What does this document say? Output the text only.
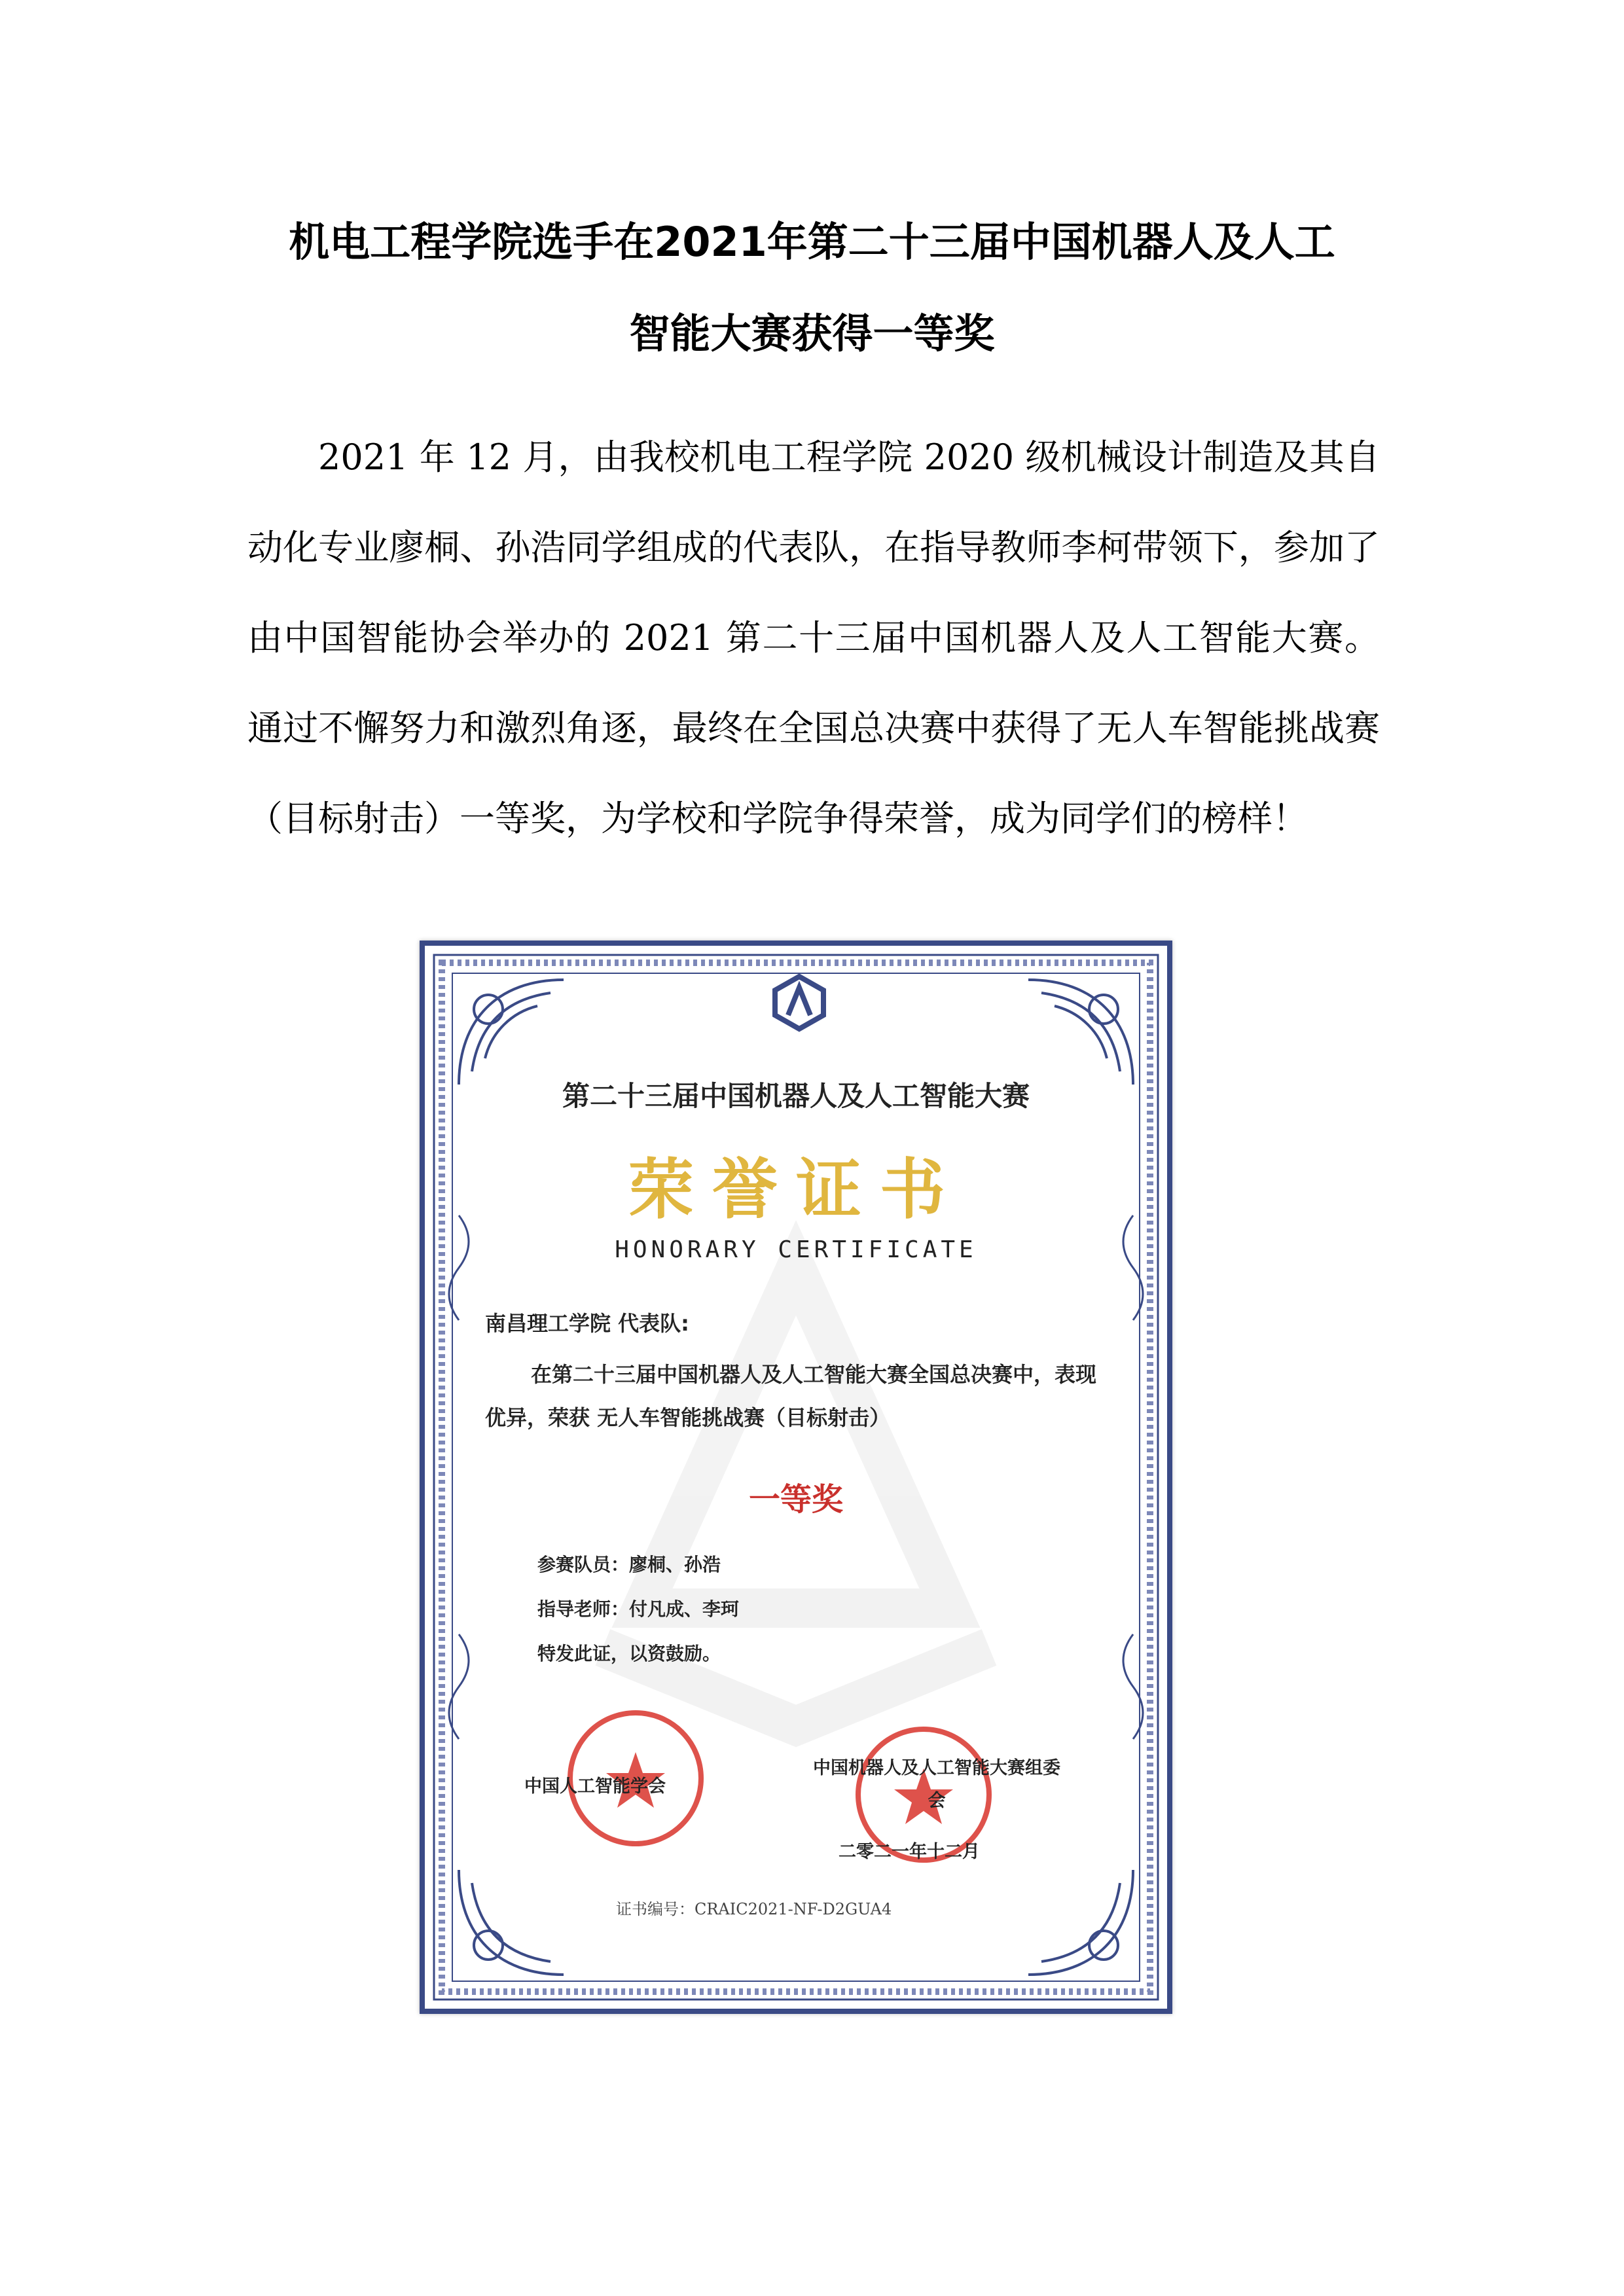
机电工程学院选手在2021年第二十三届中国机器人及人工
智能大赛获得一等奖

2021 年 12 月，由我校机电工程学院 2020 级机械设计制造及其自动化专业廖桐、孙浩同学组成的代表队，在指导教师李柯带领下，参加了由中国智能协会举办的 2021 第二十三届中国机器人及人工智能大赛。通过不懈努力和激烈角逐，最终在全国总决赛中获得了无人车智能挑战赛（目标射击）一等奖，为学校和学院争得荣誉，成为同学们的榜样！

第二十三届中国机器人及人工智能大赛
荣誉证书
HONORARY CERTIFICATE
南昌理工学院 代表队:
在第二十三届中国机器人及人工智能大赛全国总决赛中，表现优异，荣获 无人车智能挑战赛（目标射击）
一等奖
参赛队员：廖桐、孙浩
指导老师：付凡成、李珂
特发此证，以资鼓励。
中国人工智能学会
中国机器人及人工智能大赛组委会
二零二一年十二月
证书编号：CRAIC2021-NF-D2GUA4
